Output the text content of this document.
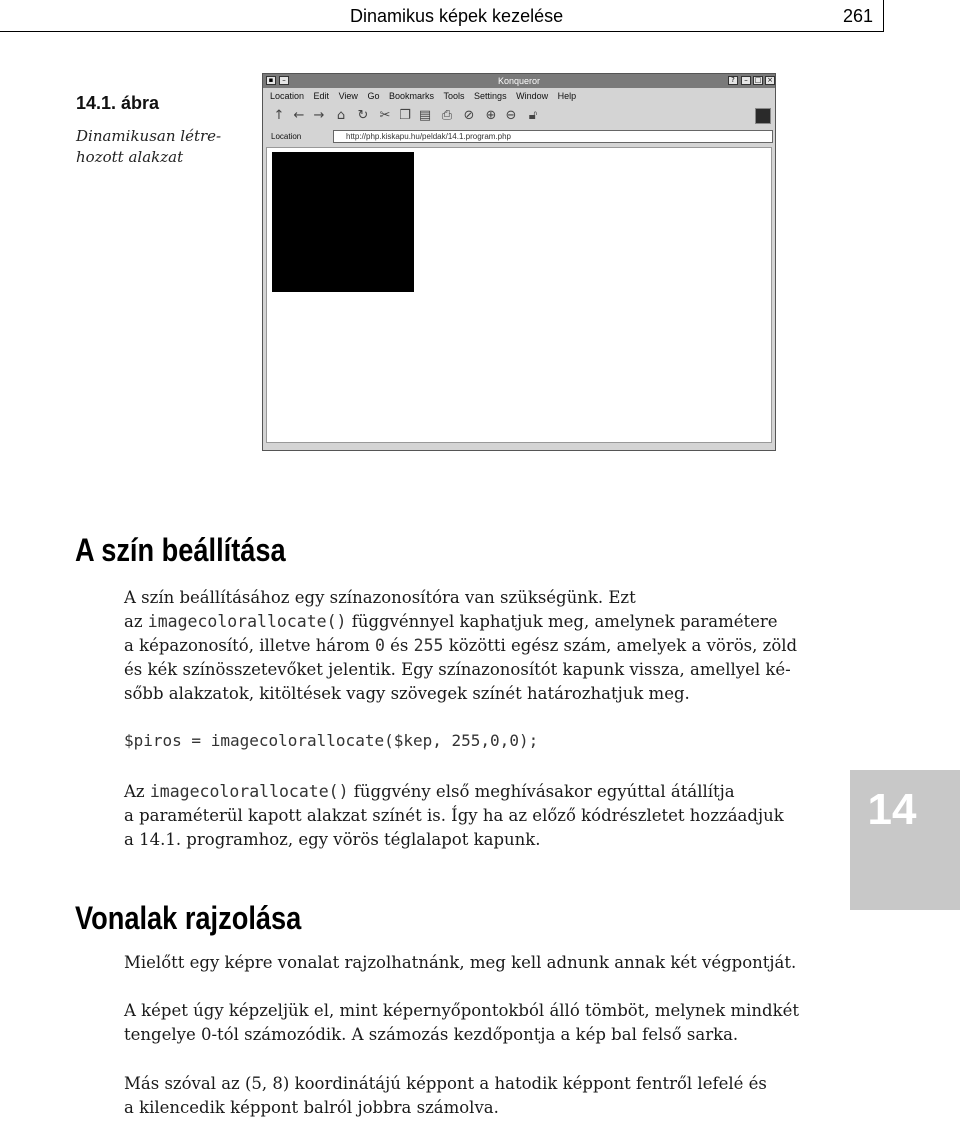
Dinamikus képek kezelése	261
14.1. ábra
Dinamikusan létre-hozott alakzat
▪	–	Konqueror	?	– □ ×
Location Edit View Go Bookmarks Tools Settings Window Help
↑ ← → ⌂ ↻ ✂ ❐ ▤ ⎙ ⊘ ⊕ ⊖ 🔓︎
Location	http://php.kiskapu.hu/peldak/14.1.program.php
A szín beállítása
A szín beállításához egy színazonosítóra van szükségünk. Ezt
az imagecolorallocate() függvénnyel kaphatjuk meg, amelynek paramétere
a képazonosító, illetve három 0 és 255 közötti egész szám, amelyek a vörös, zöld
és kék színösszetevőket jelentik. Egy színazonosítót kapunk vissza, amellyel ké-
sőbb alakzatok, kitöltések vagy szövegek színét határozhatjuk meg.
$piros = imagecolorallocate($kep, 255,0,0);
Az imagecolorallocate() függvény első meghívásakor egyúttal átállítja
a paraméterül kapott alakzat színét is. Így ha az előző kódrészletet hozzáadjuk
a 14.1. programhoz, egy vörös téglalapot kapunk.
14
Vonalak rajzolása
Mielőtt egy képre vonalat rajzolhatnánk, meg kell adnunk annak két végpontját.
A képet úgy képzeljük el, mint képernyőpontokból álló tömböt, melynek mindkét
tengelye 0-tól számozódik. A számozás kezdőpontja a kép bal felső sarka.
Más szóval az (5, 8) koordinátájú képpont a hatodik képpont fentről lefelé és
a kilencedik képpont balról jobbra számolva.
